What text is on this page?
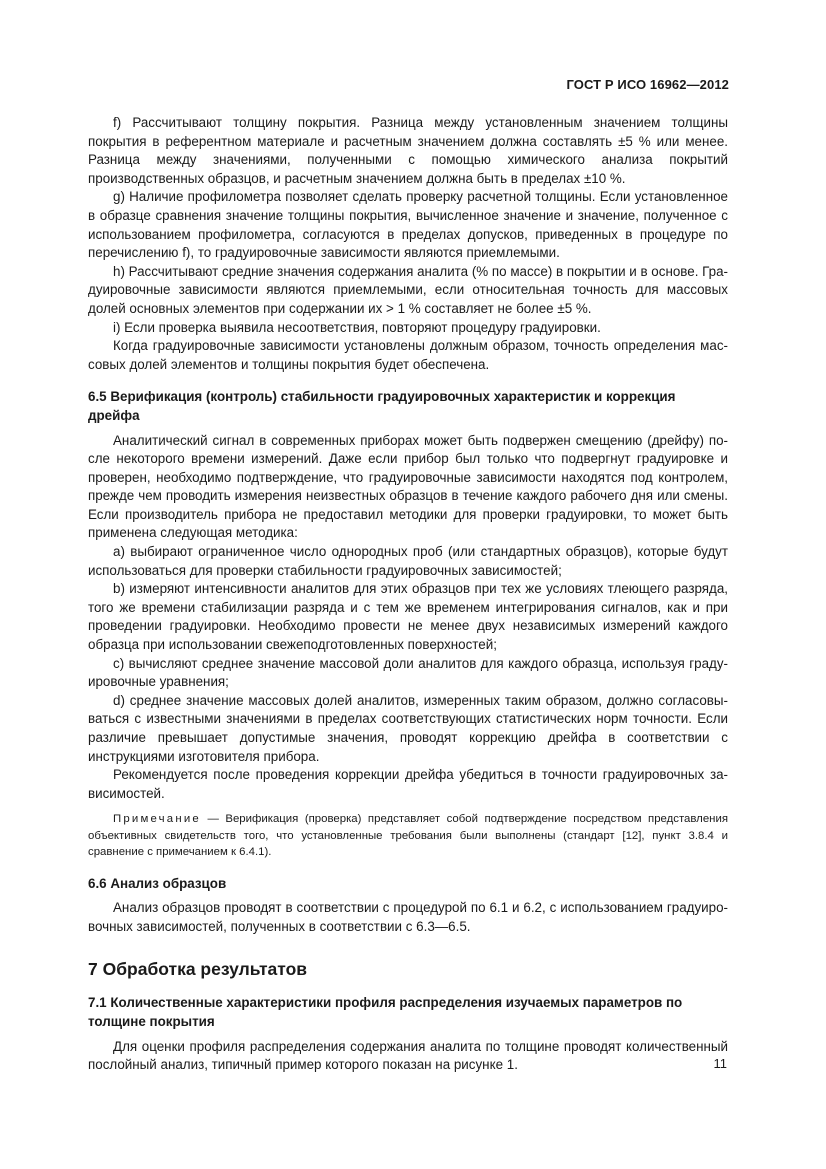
ГОСТ Р ИСО 16962—2012

f) Рассчитывают толщину покрытия. Разница между установленным значением толщины покрытия в референтном материале и расчетным значением должна составлять ±5 % или менее. Разница между значениями, полученными с помощью химического анализа покрытий производственных образцов, и расчетным значением должна быть в пределах ±10 %.

g) Наличие профилометра позволяет сделать проверку расчетной толщины. Если установленное в образце сравнения значение толщины покрытия, вычисленное значение и значение, полученное с использованием профилометра, согласуются в пределах допусков, приведенных в процедуре по перечислению f), то градуировочные зависимости являются приемлемыми.

h) Рассчитывают средние значения содержания аналита (% по массе) в покрытии и в основе. Градуировочные зависимости являются приемлемыми, если относительная точность для массовых долей основных элементов при содержании их > 1 % составляет не более ±5 %.

i) Если проверка выявила несоответствия, повторяют процедуру градуировки.

Когда градуировочные зависимости установлены должным образом, точность определения массовых долей элементов и толщины покрытия будет обеспечена.

6.5 Верификация (контроль) стабильности градуировочных характеристик и коррекция дрейфа

Аналитический сигнал в современных приборах может быть подвержен смещению (дрейфу) после некоторого времени измерений. Даже если прибор был только что подвергнут градуировке и проверен, необходимо подтверждение, что градуировочные зависимости находятся под контролем, прежде чем проводить измерения неизвестных образцов в течение каждого рабочего дня или смены. Если производитель прибора не предоставил методики для проверки градуировки, то может быть применена следующая методика:

a) выбирают ограниченное число однородных проб (или стандартных образцов), которые будут использоваться для проверки стабильности градуировочных зависимостей;

b) измеряют интенсивности аналитов для этих образцов при тех же условиях тлеющего разряда, того же времени стабилизации разряда и с тем же временем интегрирования сигналов, как и при проведении градуировки. Необходимо провести не менее двух независимых измерений каждого образца при использовании свежеподготовленных поверхностей;

c) вычисляют среднее значение массовой доли аналитов для каждого образца, используя градуировочные уравнения;

d) среднее значение массовых долей аналитов, измеренных таким образом, должно согласовываться с известными значениями в пределах соответствующих статистических норм точности. Если различие превышает допустимые значения, проводят коррекцию дрейфа в соответствии с инструкциями изготовителя прибора.

Рекомендуется после проведения коррекции дрейфа убедиться в точности градуировочных зависимостей.

Примечание — Верификация (проверка) представляет собой подтверждение посредством представления объективных свидетельств того, что установленные требования были выполнены (стандарт [12], пункт 3.8.4 и сравнение с примечанием к 6.4.1).

6.6 Анализ образцов

Анализ образцов проводят в соответствии с процедурой по 6.1 и 6.2, с использованием градуировочных зависимостей, полученных в соответствии с 6.3—6.5.

7 Обработка результатов
7.1 Количественные характеристики профиля распределения изучаемых параметров по толщине покрытия

Для оценки профиля распределения содержания аналита по толщине проводят количественный послойный анализ, типичный пример которого показан на рисунке 1.	11
